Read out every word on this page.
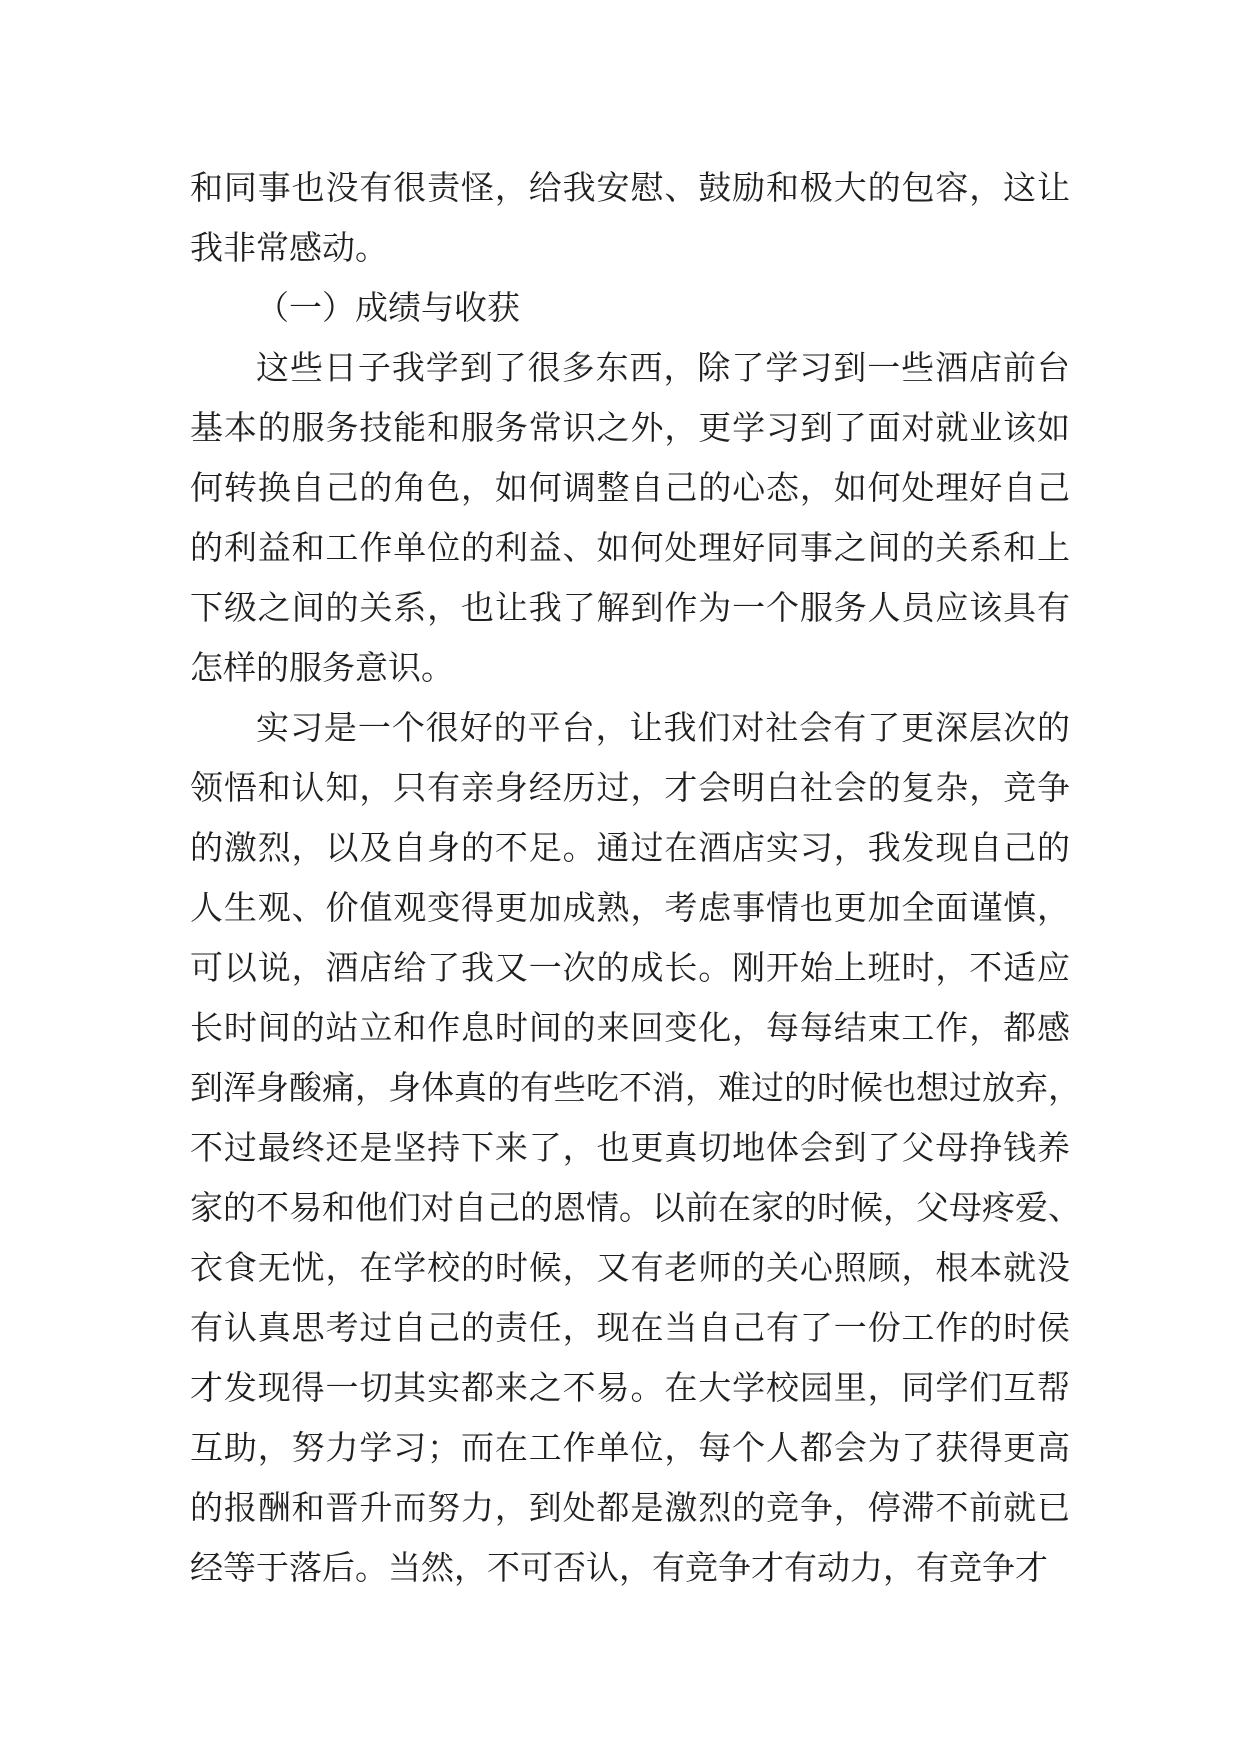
和同事也没有很责怪，给我安慰、鼓励和极大的包容，这让
我非常感动。
（一）成绩与收获
这些日子我学到了很多东西，除了学习到一些酒店前台
基本的服务技能和服务常识之外，更学习到了面对就业该如
何转换自己的角色，如何调整自己的心态，如何处理好自己
的利益和工作单位的利益、如何处理好同事之间的关系和上
下级之间的关系，也让我了解到作为一个服务人员应该具有
怎样的服务意识。
实习是一个很好的平台，让我们对社会有了更深层次的
领悟和认知，只有亲身经历过，才会明白社会的复杂，竞争
的激烈，以及自身的不足。通过在酒店实习，我发现自己的
人生观、价值观变得更加成熟，考虑事情也更加全面谨慎，
可以说，酒店给了我又一次的成长。刚开始上班时，不适应
长时间的站立和作息时间的来回变化，每每结束工作，都感
到浑身酸痛，身体真的有些吃不消，难过的时候也想过放弃，
不过最终还是坚持下来了，也更真切地体会到了父母挣钱养
家的不易和他们对自己的恩情。以前在家的时候，父母疼爱、
衣食无忧，在学校的时候，又有老师的关心照顾，根本就没
有认真思考过自己的责任，现在当自己有了一份工作的时侯
才发现得一切其实都来之不易。在大学校园里，同学们互帮
互助，努力学习；而在工作单位，每个人都会为了获得更高
的报酬和晋升而努力，到处都是激烈的竞争，停滞不前就已
经等于落后。当然，不可否认，有竞争才有动力，有竞争才
